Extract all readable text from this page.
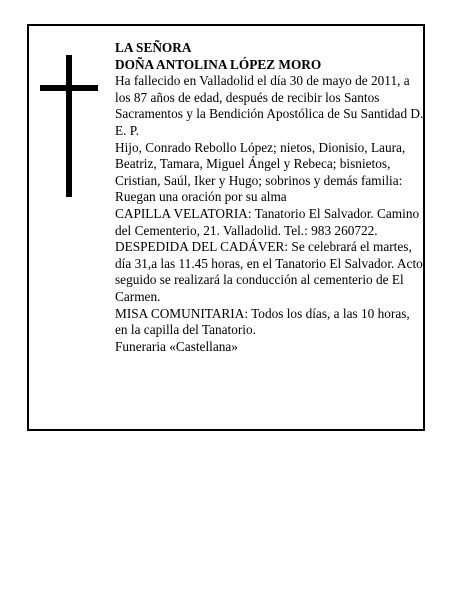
LA SEÑORA

DOÑA ANTOLINA LÓPEZ MORO

Ha fallecido en Valladolid el día 30 de mayo de 2011, a los 87 años de edad, después de recibir los Santos Sacramentos y la Bendición Apostólica de Su Santidad D. E. P.

Hijo, Conrado Rebollo López; nietos, Dionisio, Laura, Beatriz, Tamara, Miguel Ángel y Rebeca; bisnietos, Cristian, Saúl, Iker y Hugo; sobrinos y demás familia:

Ruegan una oración por su alma

CAPILLA VELATORIA: Tanatorio El Salvador. Camino del Cementerio, 21. Valladolid. Tel.: 983 260722.

DESPEDIDA DEL CADÁVER: Se celebrará el martes, día 31,a las 11.45 horas, en el Tanatorio El Salvador. Acto seguido se realizará la conducción al cementerio de El Carmen.

MISA COMUNITARIA: Todos los días, a las 10 horas, en la capilla del Tanatorio.

Funeraria «Castellana»
